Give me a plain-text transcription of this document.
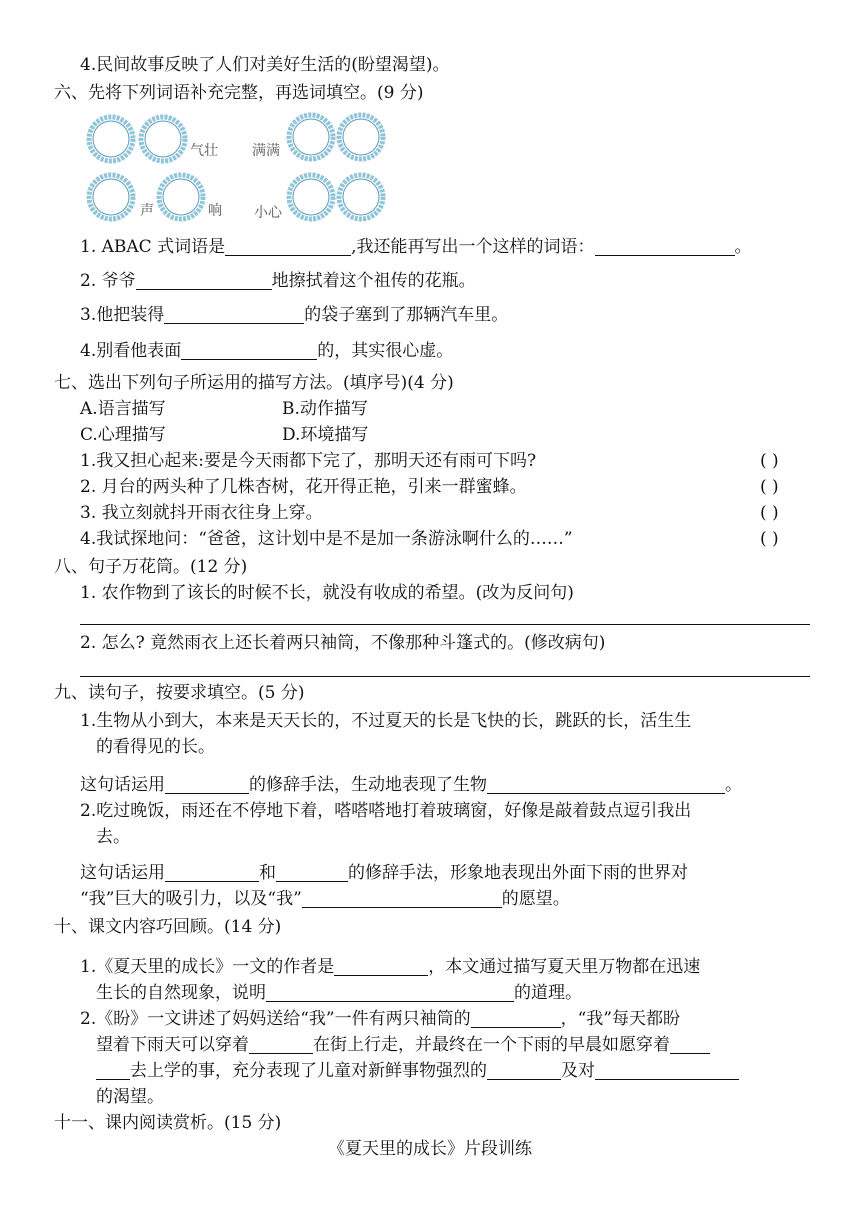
4.民间故事反映了人们对美好生活的(盼望渴望)。
六、先将下列词语补充完整，再选词填空。(9 分)
气壮 满满
声	响 小心
1. ABAC 式词语是	,我还能再写出一个这样的词语：	。
2. 爷爷	地擦拭着这个祖传的花瓶。
3.他把装得	的袋子塞到了那辆汽车里。
4.别看他表面	的，其实很心虚。
七、选出下列句子所运用的描写方法。(填序号)(4 分)
A.语言描写	B.动作描写
C.心理描写	D.环境描写
1.我又担心起来:要是今天雨都下完了，那明天还有雨可下吗?	( )
2. 月台的两头种了几株杏树，花开得正艳，引来一群蜜蜂。	( )
3. 我立刻就抖开雨衣往身上穿。	( )
4.我试探地问：“爸爸，这计划中是不是加一条游泳啊什么的……”	( )
八、句子万花筒。(12 分)
1. 农作物到了该长的时候不长，就没有收成的希望。(改为反问句)
2. 怎么? 竟然雨衣上还长着两只袖筒，不像那种斗篷式的。(修改病句)
九、读句子，按要求填空。(5 分)
1.生物从小到大，本来是天天长的，不过夏天的长是飞快的长，跳跃的长，活生生
的看得见的长。
这句话运用	的修辞手法，生动地表现了生物	。
2.吃过晚饭，雨还在不停地下着，嗒嗒嗒地打着玻璃窗，好像是敲着鼓点逗引我出
去。
这句话运用	和	的修辞手法，形象地表现出外面下雨的世界对
“我”巨大的吸引力，以及“我”	的愿望。
十、课文内容巧回顾。(14 分)
1.《夏天里的成长》一文的作者是	，本文通过描写夏天里万物都在迅速
生长的自然现象，说明	的道理。
2.《盼》一文讲述了妈妈送给“我”一件有两只袖筒的	，“我”每天都盼
望着下雨天可以穿着	在街上行走，并最终在一个下雨的早晨如愿穿着
去上学的事，充分表现了儿童对新鲜事物强烈的	及对
的渴望。
十一、课内阅读赏析。(15 分)
《夏天里的成长》片段训练
